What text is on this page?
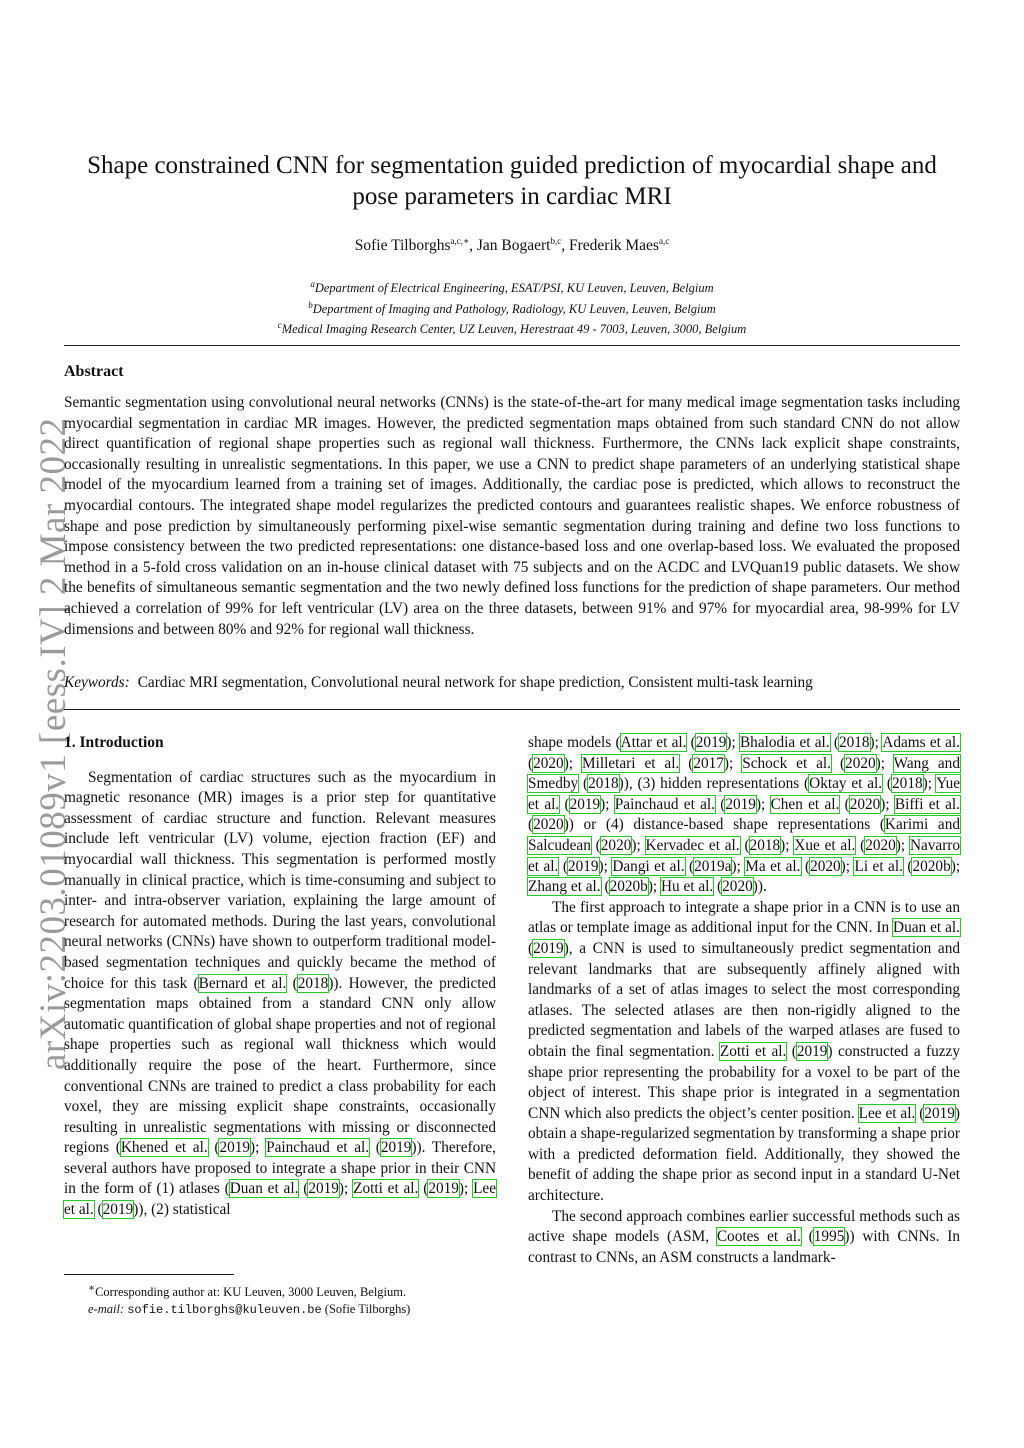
arXiv:2203.01089v1 [eess.IV] 2 Mar 2022
Shape constrained CNN for segmentation guided prediction of myocardial shape and pose parameters in cardiac MRI
Sofie Tilborghs$^{a,c,∗}$, Jan Bogaert$^{b,c}$, Frederik Maes$^{a,c}$
$^a$Department of Electrical Engineering, ESAT/PSI, KU Leuven, Leuven, Belgium
$^b$Department of Imaging and Pathology, Radiology, KU Leuven, Leuven, Belgium
$^c$Medical Imaging Research Center, UZ Leuven, Herestraat 49 - 7003, Leuven, 3000, Belgium
Abstract
Semantic segmentation using convolutional neural networks (CNNs) is the state-of-the-art for many medical image segmentation tasks including myocardial segmentation in cardiac MR images. However, the predicted segmentation maps obtained from such standard CNN do not allow direct quantification of regional shape properties such as regional wall thickness. Furthermore, the CNNs lack explicit shape constraints, occasionally resulting in unrealistic segmentations. In this paper, we use a CNN to predict shape parameters of an underlying statistical shape model of the myocardium learned from a training set of images. Additionally, the cardiac pose is predicted, which allows to reconstruct the myocardial contours. The integrated shape model regularizes the predicted contours and guarantees realistic shapes. We enforce robustness of shape and pose prediction by simultaneously performing pixel-wise semantic segmentation during training and define two loss functions to impose consistency between the two predicted representations: one distance-based loss and one overlap-based loss. We evaluated the proposed method in a 5-fold cross validation on an in-house clinical dataset with 75 subjects and on the ACDC and LVQuan19 public datasets. We show the benefits of simultaneous semantic segmentation and the two newly defined loss functions for the prediction of shape parameters. Our method achieved a correlation of 99% for left ventricular (LV) area on the three datasets, between 91% and 97% for myocardial area, 98-99% for LV dimensions and between 80% and 92% for regional wall thickness.
Keywords: Cardiac MRI segmentation, Convolutional neural network for shape prediction, Consistent multi-task learning
1. Introduction

Segmentation of cardiac structures such as the myocardium in magnetic resonance (MR) images is a prior step for quantitative assessment of cardiac structure and function. Relevant measures include left ventricular (LV) volume, ejection fraction (EF) and myocardial wall thickness. This segmentation is performed mostly manually in clinical practice, which is time-consuming and subject to inter- and intra-observer variation, explaining the large amount of research for automated methods. During the last years, convolutional neural networks (CNNs) have shown to outperform traditional model-based segmentation techniques and quickly became the method of choice for this task (Bernard et al. (2018)). However, the predicted segmentation maps obtained from a standard CNN only allow automatic quantification of global shape properties and not of regional shape properties such as regional wall thickness which would additionally require the pose of the heart. Furthermore, since conventional CNNs are trained to predict a class probability for each voxel, they are missing explicit shape constraints, occasionally resulting in unrealistic segmentations with missing or disconnected regions (Khened et al. (2019); Painchaud et al. (2019)). Therefore, several authors have proposed to integrate a shape prior in their CNN in the form of (1) atlases (Duan et al. (2019); Zotti et al. (2019); Lee et al. (2019)), (2) statistical

shape models (Attar et al. (2019); Bhalodia et al. (2018); Adams et al. (2020); Milletari et al. (2017); Schock et al. (2020); Wang and Smedby (2018)), (3) hidden representations (Oktay et al. (2018); Yue et al. (2019); Painchaud et al. (2019); Chen et al. (2020); Biffi et al. (2020)) or (4) distance-based shape representations (Karimi and Salcudean (2020); Kervadec et al. (2018); Xue et al. (2020); Navarro et al. (2019); Dangi et al. (2019a); Ma et al. (2020); Li et al. (2020b); Zhang et al. (2020b); Hu et al. (2020)).

The first approach to integrate a shape prior in a CNN is to use an atlas or template image as additional input for the CNN. In Duan et al. (2019), a CNN is used to simultaneously predict segmentation and relevant landmarks that are subsequently affinely aligned with landmarks of a set of atlas images to select the most corresponding atlases. The selected atlases are then non-rigidly aligned to the predicted segmentation and labels of the warped atlases are fused to obtain the final segmentation. Zotti et al. (2019) constructed a fuzzy shape prior representing the probability for a voxel to be part of the object of interest. This shape prior is integrated in a segmentation CNN which also predicts the object’s center position. Lee et al. (2019) obtain a shape-regularized segmentation by transforming a shape prior with a predicted deformation field. Additionally, they showed the benefit of adding the shape prior as second input in a standard U-Net architecture.

The second approach combines earlier successful methods such as active shape models (ASM, Cootes et al. (1995)) with CNNs. In contrast to CNNs, an ASM constructs a landmark-

∗Corresponding author at: KU Leuven, 3000 Leuven, Belgium.
e-mail: sofie.tilborghs@kuleuven.be (Sofie Tilborghs)
